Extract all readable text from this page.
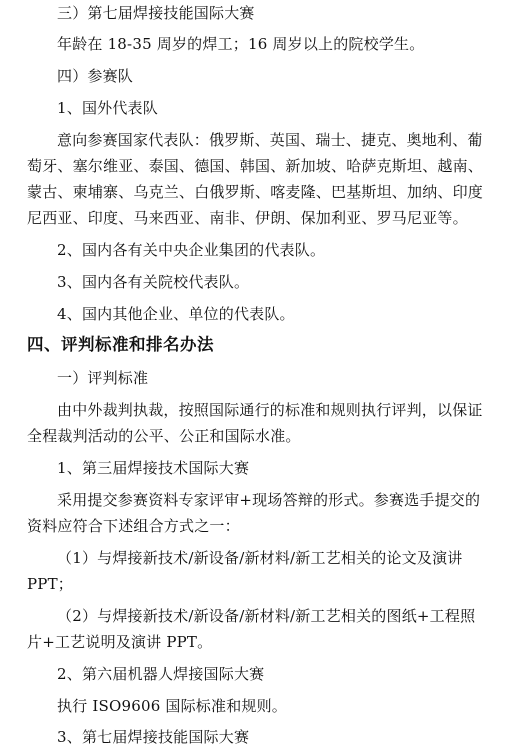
三）第七届焊接技能国际大赛
年龄在 18-35 周岁的焊工；16 周岁以上的院校学生。
四）参赛队
1、国外代表队
意向参赛国家代表队：俄罗斯、英国、瑞士、捷克、奥地利、葡
萄牙、塞尔维亚、泰国、德国、韩国、新加坡、哈萨克斯坦、越南、
蒙古、柬埔寨、乌克兰、白俄罗斯、喀麦隆、巴基斯坦、加纳、印度
尼西亚、印度、马来西亚、南非、伊朗、保加利亚、罗马尼亚等。
2、国内各有关中央企业集团的代表队。
3、国内各有关院校代表队。
4、国内其他企业、单位的代表队。
四、评判标准和排名办法
一）评判标准
由中外裁判执裁，按照国际通行的标准和规则执行评判，以保证
全程裁判活动的公平、公正和国际水准。
1、第三届焊接技术国际大赛
采用提交参赛资料专家评审+现场答辩的形式。参赛选手提交的
资料应符合下述组合方式之一：
（1）与焊接新技术/新设备/新材料/新工艺相关的论文及演讲
PPT；
（2）与焊接新技术/新设备/新材料/新工艺相关的图纸+工程照
片+工艺说明及演讲 PPT。
2、第六届机器人焊接国际大赛
执行 ISO9606 国际标准和规则。
3、第七届焊接技能国际大赛
